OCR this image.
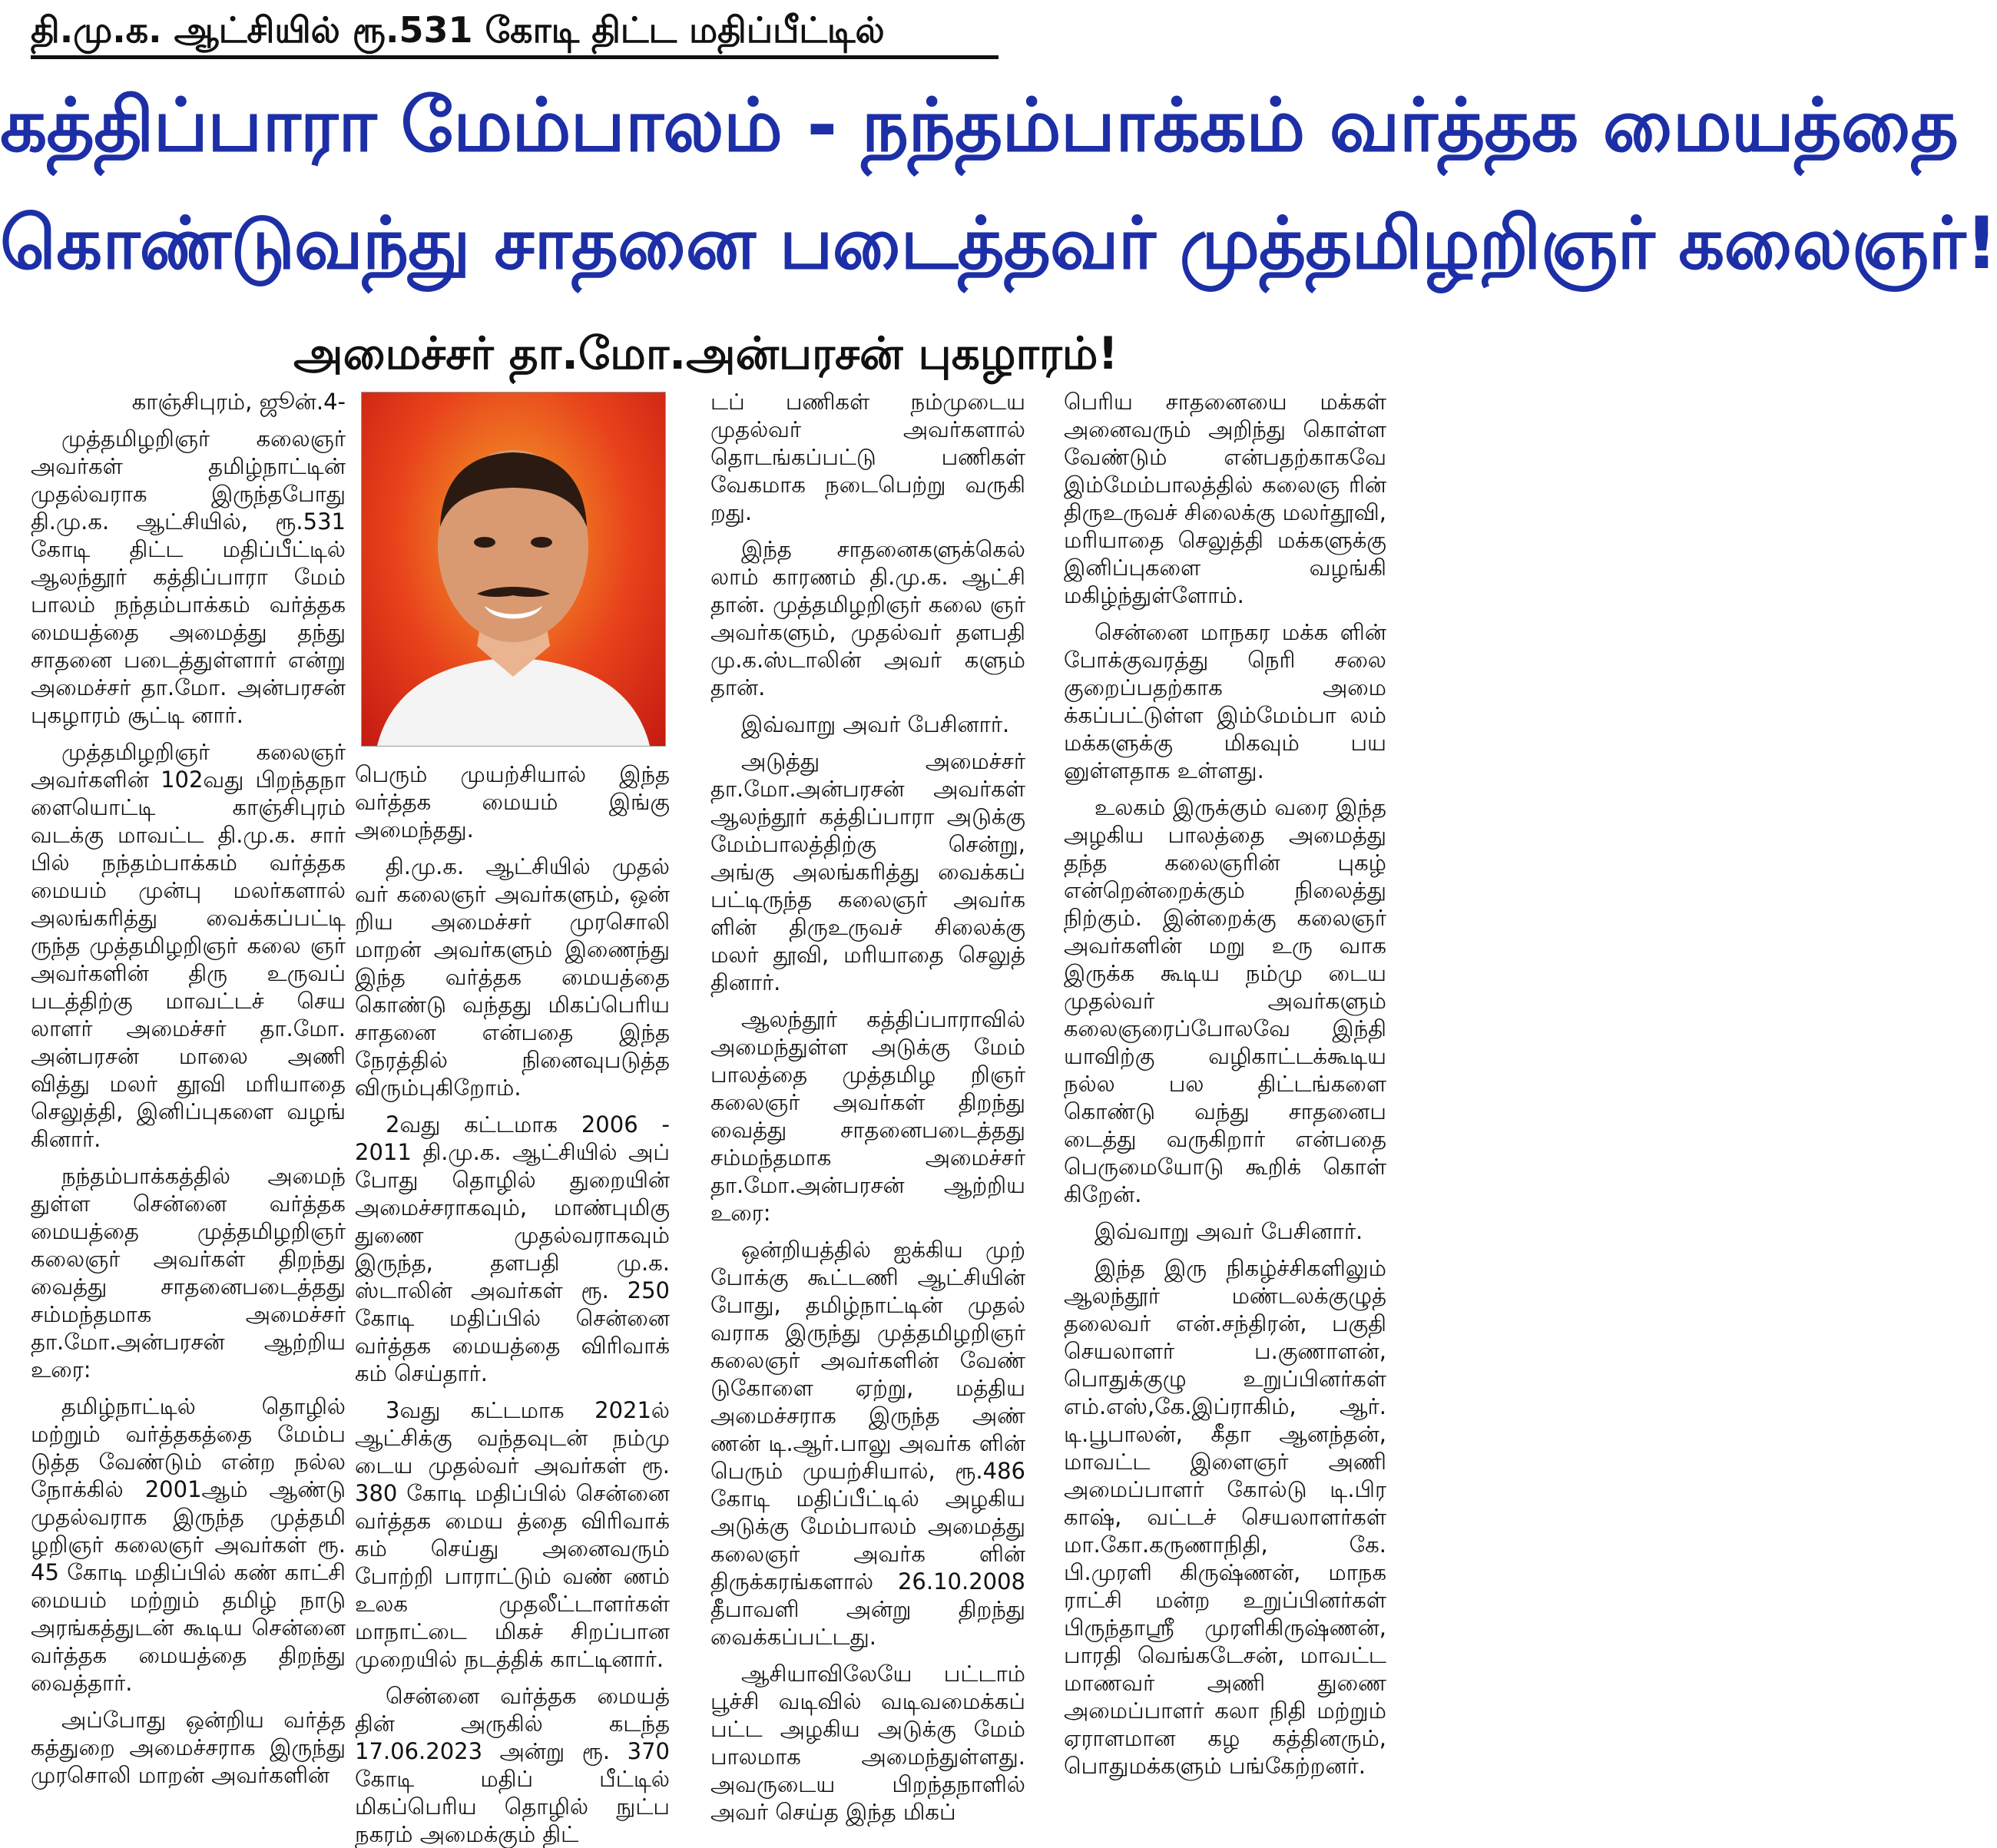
தி.மு.க. ஆட்சியில் ரூ.531 கோடி திட்ட மதிப்பீட்டில்
கத்திப்பாரா மேம்பாலம் - நந்தம்பாக்கம் வர்த்தக மையத்தை
கொண்டுவந்து சாதனை படைத்தவர் முத்தமிழறிஞர் கலைஞர்!
அமைச்சர் தா.மோ.அன்பரசன் புகழாரம்!

காஞ்சிபுரம், ஜூன்.4-

முத்தமிழறிஞர் கலைஞர் அவர்கள் தமிழ்நாட்டின் முதல்வராக இருந்தபோது தி.மு.க. ஆட்சியில், ரூ.531 கோடி திட்ட மதிப்பீட்டில் ஆலந்தூர் கத்திப்பாரா மேம் பாலம் நந்தம்பாக்கம் வர்த்தக மையத்தை அமைத்து தந்து சாதனை படைத்துள்ளார் என்று அமைச்சர் தா.மோ. அன்பரசன் புகழாரம் சூட்டி னார்.

முத்தமிழறிஞர் கலைஞர் அவர்களின் 102வது பிறந்தநா ளையொட்டி காஞ்சிபுரம் வடக்கு மாவட்ட தி.மு.க. சார் பில் நந்தம்பாக்கம் வர்த்தக மையம் முன்பு மலர்களால் அலங்கரித்து வைக்கப்பட்டி ருந்த முத்தமிழறிஞர் கலை ஞர் அவர்களின் திரு உருவப் படத்திற்கு மாவட்டச் செய லாளர் அமைச்சர் தா.மோ. அன்பரசன் மாலை அணி வித்து மலர் தூவி மரியாதை செலுத்தி, இனிப்புகளை வழங் கினார்.

நந்தம்பாக்கத்தில் அமைந் துள்ள சென்னை வர்த்தக மையத்தை முத்தமிழறிஞர் கலைஞர் அவர்கள் திறந்து வைத்து சாதனைபடைத்தது சம்மந்தமாக அமைச்சர் தா.மோ.அன்பரசன் ஆற்றிய உரை:

தமிழ்நாட்டில் தொழில் மற்றும் வர்த்தகத்தை மேம்ப டுத்த வேண்டும் என்ற நல்ல நோக்கில் 2001ஆம் ஆண்டு முதல்வராக இருந்த முத்தமி ழறிஞர் கலைஞர் அவர்கள் ரூ. 45 கோடி மதிப்பில் கண் காட்சி மையம் மற்றும் தமிழ் நாடு அரங்கத்துடன் கூடிய சென்னை வர்த்தக மையத்தை திறந்து வைத்தார்.

அப்போது ஒன்றிய வர்த்த கத்துறை அமைச்சராக இருந்து முரசொலி மாறன் அவர்களின்

பெரும் முயற்சியால் இந்த வர்த்தக மையம் இங்கு அமைந்தது.

தி.மு.க. ஆட்சியில் முதல் வர் கலைஞர் அவர்களும், ஒன் றிய அமைச்சர் முரசொலி மாறன் அவர்களும் இணைந்து இந்த வர்த்தக மையத்தை கொண்டு வந்தது மிகப்பெரிய சாதனை என்பதை இந்த நேரத்தில் நினைவுபடுத்த விரும்புகிறோம்.

2வது கட்டமாக 2006 - 2011 தி.மு.க. ஆட்சியில் அப் போது தொழில் துறையின் அமைச்சராகவும், மாண்புமிகு துணை முதல்வராகவும் இருந்த, தளபதி மு.க. ஸ்டாலின் அவர்கள் ரூ. 250 கோடி மதிப்பில் சென்னை வர்த்தக மையத்தை விரிவாக் கம் செய்தார்.

3வது கட்டமாக 2021ல் ஆட்சிக்கு வந்தவுடன் நம்மு டைய முதல்வர் அவர்கள் ரூ. 380 கோடி மதிப்பில் சென்னை வர்த்தக மைய த்தை விரிவாக் கம் செய்து அனைவரும் போற்றி பாராட்டும் வண் ணம் உலக முதலீட்டாளர்கள் மாநாட்டை மிகச் சிறப்பான முறையில் நடத்திக் காட்டினார்.

சென்னை வர்த்தக மையத் தின் அருகில் கடந்த 17.06.2023 அன்று ரூ. 370 கோடி மதிப் பீட்டில் மிகப்பெரிய தொழில் நுட்ப நகரம் அமைக்கும் திட்

டப் பணிகள் நம்முடைய முதல்வர் அவர்களால் தொடங்கப்பட்டு பணிகள் வேகமாக நடைபெற்று வருகி றது.

இந்த சாதனைகளுக்கெல் லாம் காரணம் தி.மு.க. ஆட்சி தான். முத்தமிழறிஞர் கலை ஞர் அவர்களும், முதல்வர் தளபதி மு.க.ஸ்டாலின் அவர் களும் தான்.

இவ்வாறு அவர் பேசினார்.

அடுத்து அமைச்சர் தா.மோ.அன்பரசன் அவர்கள் ஆலந்தூர் கத்திப்பாரா அடுக்கு மேம்பாலத்திற்கு சென்று, அங்கு அலங்கரித்து வைக்கப் பட்டிருந்த கலைஞர் அவர்க ளின் திருஉருவச் சிலைக்கு மலர் தூவி, மரியாதை செலுத் தினார்.

ஆலந்தூர் கத்திப்பாராவில் அமைந்துள்ள அடுக்கு மேம் பாலத்தை முத்தமிழ றிஞர் கலைஞர் அவர்கள் திறந்து வைத்து சாதனைபடைத்தது சம்மந்தமாக அமைச்சர் தா.மோ.அன்பரசன் ஆற்றிய உரை:

ஒன்றியத்தில் ஐக்கிய முற் போக்கு கூட்டணி ஆட்சியின் போது, தமிழ்நாட்டின் முதல் வராக இருந்து முத்தமிழறிஞர் கலைஞர் அவர்களின் வேண் டுகோளை ஏற்று, மத்திய அமைச்சராக இருந்த அண் ணன் டி.ஆர்.பாலு அவர்க ளின் பெரும் முயற்சியால், ரூ.486 கோடி மதிப்பீட்டில் அழகிய அடுக்கு மேம்பாலம் அமைத்து கலைஞர் அவர்க ளின் திருக்கரங்களால் 26.10.2008 தீபாவளி அன்று திறந்து வைக்கப்பட்டது.

ஆசியாவிலேயே பட்டாம் பூச்சி வடிவில் வடிவமைக்கப் பட்ட அழகிய அடுக்கு மேம் பாலமாக அமைந்துள்ளது. அவருடைய பிறந்தநாளில் அவர் செய்த இந்த மிகப்

பெரிய சாதனையை மக்கள் அனைவரும் அறிந்து கொள்ள வேண்டும் என்பதற்காகவே இம்மேம்பாலத்தில் கலைஞ ரின் திருஉருவச் சிலைக்கு மலர்தூவி, மரியாதை செலுத்தி மக்களுக்கு இனிப்புகளை வழங்கி மகிழ்ந்துள்ளோம்.

சென்னை மாநகர மக்க ளின் போக்குவரத்து நெரி சலை குறைப்பதற்காக அமை க்கப்பட்டுள்ள இம்மேம்பா லம் மக்களுக்கு மிகவும் பய னுள்ளதாக உள்ளது.

உலகம் இருக்கும் வரை இந்த அழகிய பாலத்தை அமைத்து தந்த கலைஞரின் புகழ் என்றென்றைக்கும் நிலைத்து நிற்கும். இன்றைக்கு கலைஞர் அவர்களின் மறு உரு வாக இருக்க கூடிய நம்மு டைய முதல்வர் அவர்களும் கலைஞரைப்போலவே இந்தி யாவிற்கு வழிகாட்டக்கூடிய நல்ல பல திட்டங்களை கொண்டு வந்து சாதனைப டைத்து வருகிறார் என்பதை பெருமையோடு கூறிக் கொள் கிறேன்.

இவ்வாறு அவர் பேசினார்.

இந்த இரு நிகழ்ச்சிகளிலும் ஆலந்தூர் மண்டலக்குழுத் தலைவர் என்.சந்திரன், பகுதி செயலாளர் ப.குணாளன், பொதுக்குழு உறுப்பினர்கள் எம்.எஸ்,கே.இப்ராகிம், ஆர். டி.பூபாலன், கீதா ஆனந்தன், மாவட்ட இளைஞர் அணி அமைப்பாளர் கோல்டு டி.பிர காஷ், வட்டச் செயலாளர்கள் மா.கோ.கருணாநிதி, கே. பி.முரளி கிருஷ்ணன், மாநக ராட்சி மன்ற உறுப்பினர்கள் பிருந்தாஸ்ரீ முரளிகிருஷ்ணன், பாரதி வெங்கடேசன், மாவட்ட மாணவர் அணி துணை அமைப்பாளர் கலா நிதி மற்றும் ஏராளமான கழ கத்தினரும், பொதுமக்களும் பங்கேற்றனர்.
